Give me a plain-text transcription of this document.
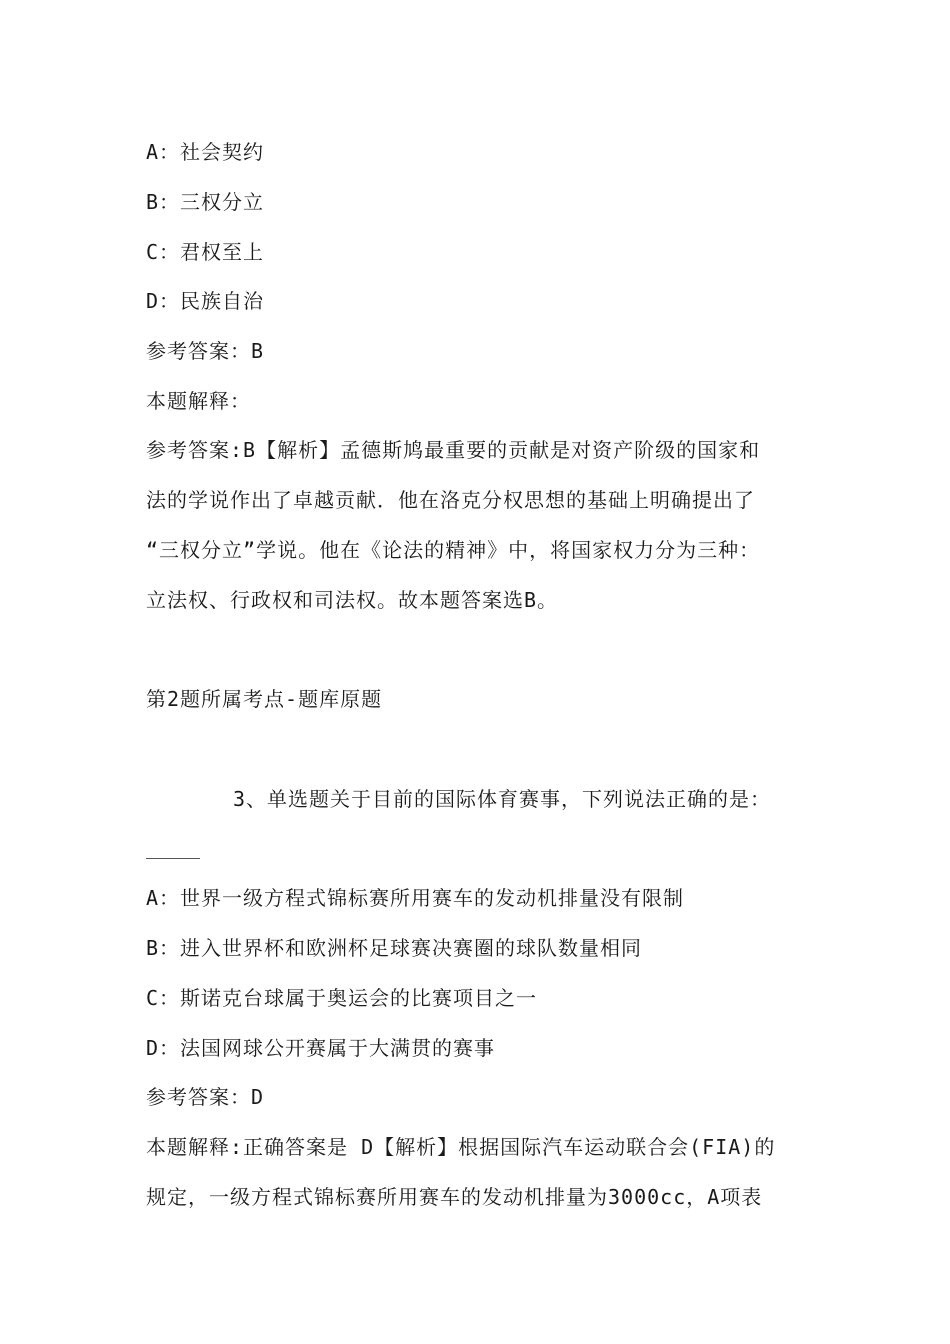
A：社会契约
B：三权分立
C：君权至上
D：民族自治
参考答案：B
本题解释：
参考答案:B【解析】孟德斯鸠最重要的贡献是对资产阶级的国家和
法的学说作出了卓越贡献．他在洛克分权思想的基础上明确提出了
“三权分立”学说。他在《论法的精神》中，将国家权力分为三种：
立法权、行政权和司法权。故本题答案选B。
第2题所属考点-题库原题
3、单选题关于目前的国际体育赛事，下列说法正确的是：
A：世界一级方程式锦标赛所用赛车的发动机排量没有限制
B：进入世界杯和欧洲杯足球赛决赛圈的球队数量相同
C：斯诺克台球属于奥运会的比赛项目之一
D：法国网球公开赛属于大满贯的赛事
参考答案：D
本题解释:正确答案是 D【解析】根据国际汽车运动联合会(FIA)的
规定，一级方程式锦标赛所用赛车的发动机排量为3000cc，A项表
